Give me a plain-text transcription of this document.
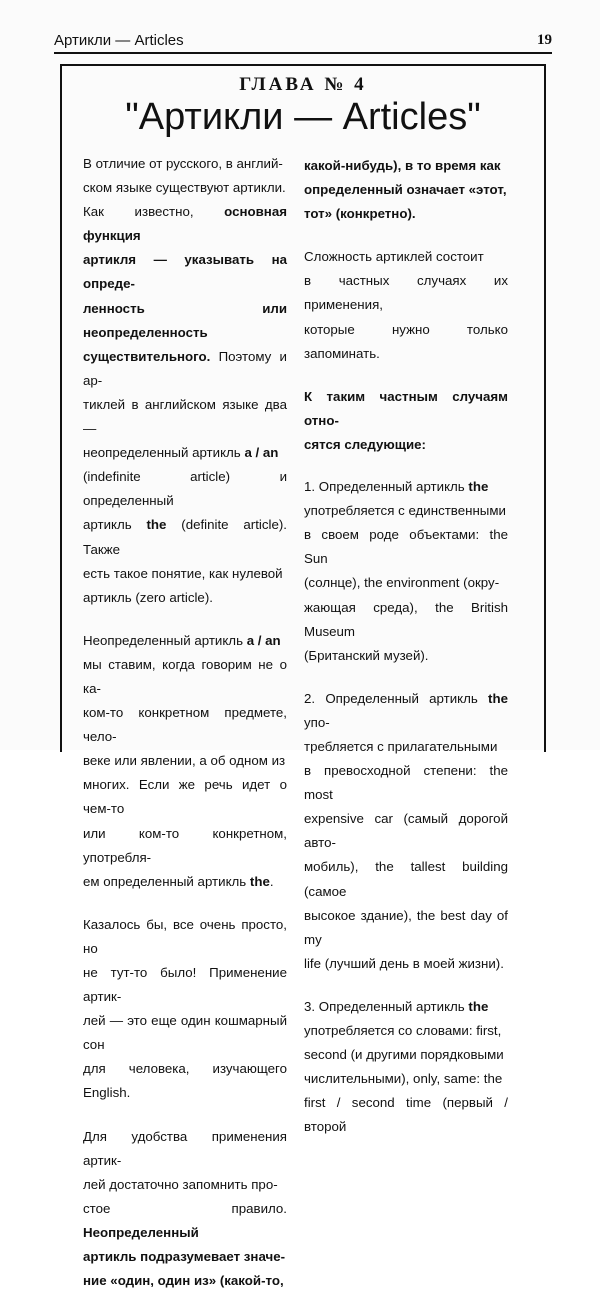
Артикли — Articles	19
ГЛАВА № 4
"Артикли — Articles"

В отличие от русского, в англий-
ском языке существуют артикли.
Как известно, основная функция
артикля — указывать на опреде-
ленность или неопределенность
существительного. Поэтому и ар-
тиклей в английском языке два —
неопределенный артикль a / an
(indefinite article) и определенный
артикль the (definite article). Также
есть такое понятие, как нулевой
артикль (zero article).

Неопределенный артикль a / an
мы ставим, когда говорим не о ка-
ком-то конкретном предмете, чело-
веке или явлении, а об одном из
многих. Если же речь идет о чем-то
или ком-то конкретном, употребля-
ем определенный артикль the.

Казалось бы, все очень просто, но
не тут-то было! Применение артик-
лей — это еще один кошмарный сон
для человека, изучающего English.

Для удобства применения артик-
лей достаточно запомнить про-
стое правило. Неопределенный
артикль подразумевает значе-
ние «один, один из» (какой-то,

какой-нибудь), в то время как
определенный означает «этот,
тот» (конкретно).

Сложность артиклей состоит
в частных случаях их применения,
которые нужно только запоминать.

К таким частным случаям отно-
сятся следующие:

1. Определенный артикль the
употребляется с единственными
в своем роде объектами: the Sun
(солнце), the environment (окру-
жающая среда), the British Museum
(Британский музей).

2. Определенный артикль the упо-
требляется с прилагательными
в превосходной степени: the most
expensive car (самый дорогой авто-
мобиль), the tallest building (самое
высокое здание), the best day of my
life (лучший день в моей жизни).

3. Определенный артикль the
употребляется со словами: first,
second (и другими порядковыми
числительными), only, same: the
first / second time (первый / второй
